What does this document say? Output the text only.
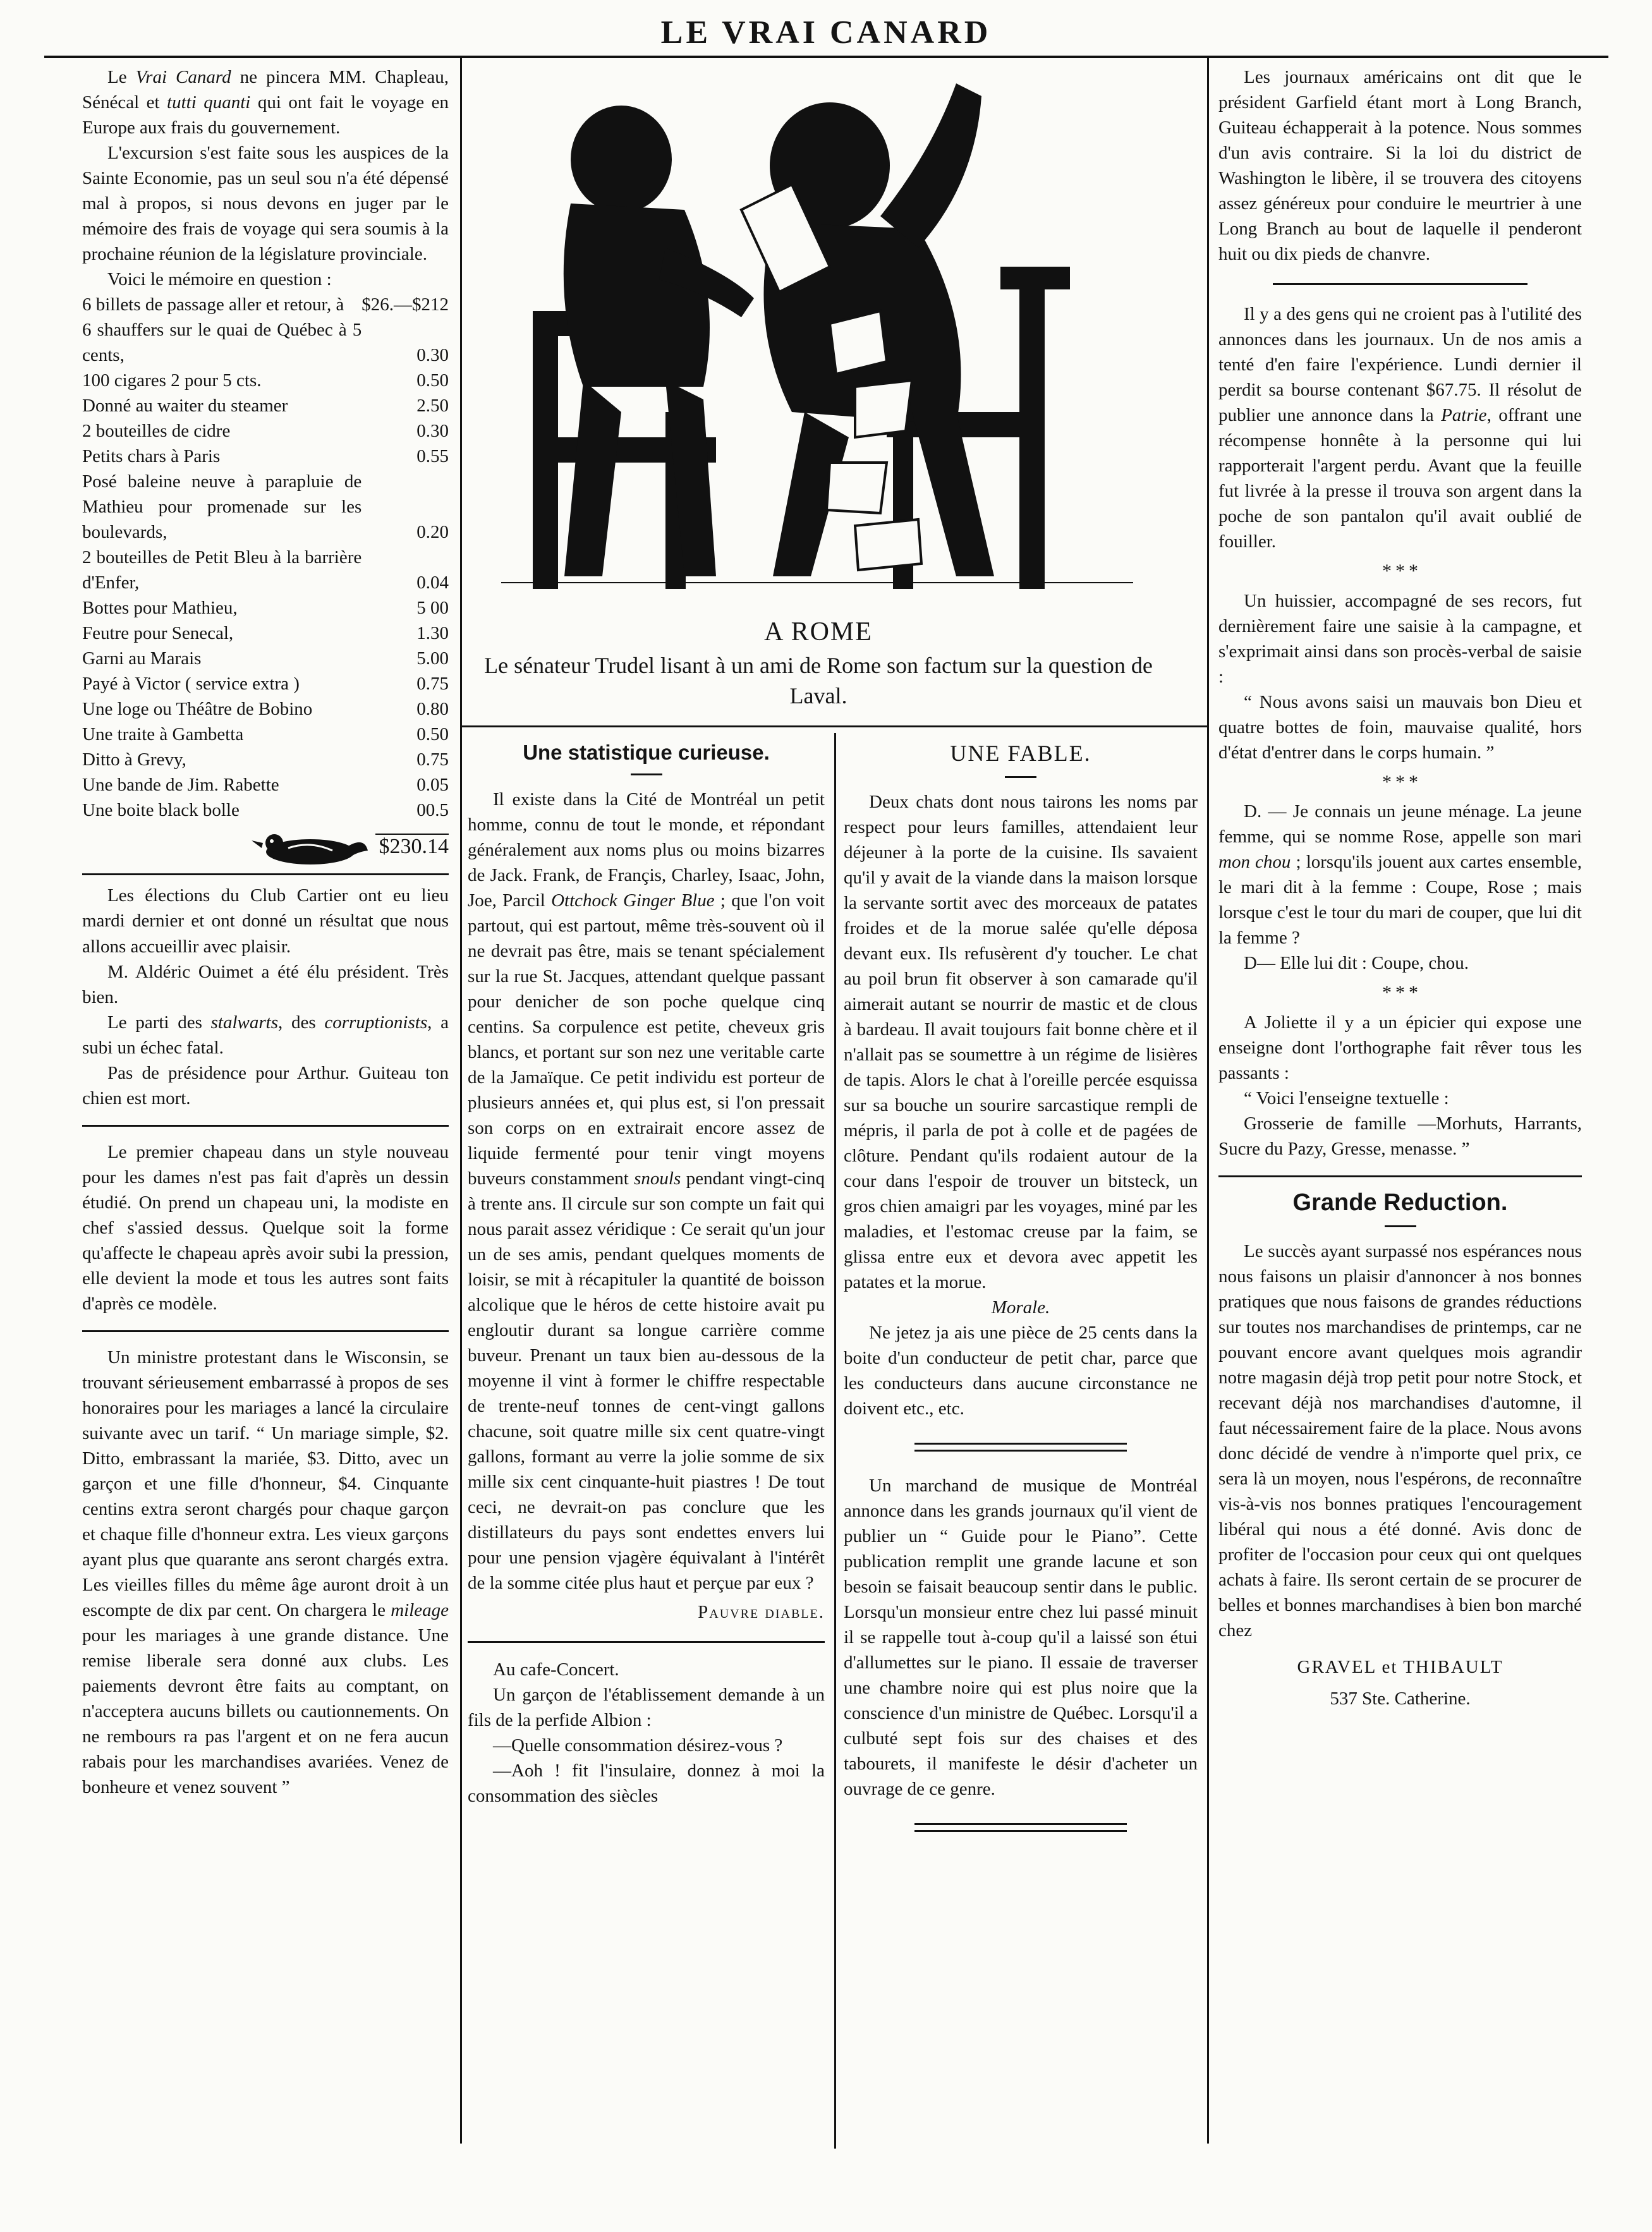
LE VRAI CANARD

Le Vrai Canard ne pincera MM. Chapleau, Sénécal et tutti quanti qui ont fait le voyage en Europe aux frais du gouvernement.

L'excursion s'est faite sous les auspices de la Sainte Economie, pas un seul sou n'a été dépensé mal à propos, si nous devons en juger par le mémoire des frais de voyage qui sera soumis à la prochaine réunion de la législature provinciale.

Voici le mémoire en question :

6 billets de passage aller et retour, à	$26.—$212
6 shauffers sur le quai de Québec à 5 cents,	0.30
100 cigares 2 pour 5 cts.	0.50
Donné au waiter du steamer	2.50
2 bouteilles de cidre	0.30
Petits chars à Paris	0.55
Posé baleine neuve à parapluie de Mathieu pour promenade sur les boulevards,	0.20
2 bouteilles de Petit Bleu à la barrière d'Enfer,	0.04
Bottes pour Mathieu,	5 00
Feutre pour Senecal,	1.30
Garni au Marais	5.00
Payé à Victor ( service extra )	0.75
Une loge ou Théâtre de Bobino	0.80
Une traite à Gambetta	0.50
Ditto à Grevy,	0.75
Une bande de Jim. Rabette	0.05
Une boite black bolle	00.5
$230.14

Les élections du Club Cartier ont eu lieu mardi dernier et ont donné un résultat que nous allons accueillir avec plaisir.

M. Aldéric Ouimet a été élu président. Très bien.

Le parti des stalwarts, des corruptionists, a subi un échec fatal.

Pas de présidence pour Arthur. Guiteau ton chien est mort.

Le premier chapeau dans un style nouveau pour les dames n'est pas fait d'après un dessin étudié. On prend un chapeau uni, la modiste en chef s'assied dessus. Quelque soit la forme qu'affecte le chapeau après avoir subi la pression, elle devient la mode et tous les autres sont faits d'après ce modèle.

Un ministre protestant dans le Wisconsin, se trouvant sérieusement embarrassé à propos de ses honoraires pour les mariages a lancé la circulaire suivante avec un tarif. “ Un mariage simple, $2. Ditto, embrassant la mariée, $3. Ditto, avec un garçon et une fille d'honneur, $4. Cinquante centins extra seront chargés pour chaque garçon et chaque fille d'honneur extra. Les vieux garçons ayant plus que quarante ans seront chargés extra. Les vieilles filles du même âge auront droit à un escompte de dix par cent. On chargera le mileage pour les mariages à une grande distance. Une remise liberale sera donné aux clubs. Les paiements devront être faits au comptant, on n'acceptera aucuns billets ou cautionnements. On ne rembours ra pas l'argent et on ne fera aucun rabais pour les marchandises avariées. Venez de bonheure et venez souvent ”

A ROME
Le sénateur Trudel lisant à un ami de Rome son factum sur la question de Laval.
Une statistique curieuse.

Il existe dans la Cité de Montréal un petit homme, connu de tout le monde, et répondant généralement aux noms plus ou moins bizarres de Jack. Frank, de Françis, Charley, Isaac, John, Joe, Parcil Ottchock Ginger Blue ; que l'on voit partout, qui est partout, même très-souvent où il ne devrait pas être, mais se tenant spécialement sur la rue St. Jacques, attendant quelque passant pour denicher de son poche quelque cinq centins. Sa corpulence est petite, cheveux gris blancs, et portant sur son nez une veritable carte de la Jamaïque. Ce petit individu est porteur de plusieurs années et, qui plus est, si l'on pressait son corps on en extrairait encore assez de liquide fermenté pour tenir vingt moyens buveurs constamment snouls pendant vingt-cinq à trente ans. Il circule sur son compte un fait qui nous parait assez véridique : Ce serait qu'un jour un de ses amis, pendant quelques moments de loisir, se mit à récapituler la quantité de boisson alcolique que le héros de cette histoire avait pu engloutir durant sa longue carrière comme buveur. Prenant un taux bien au-dessous de la moyenne il vint à former le chiffre respectable de trente-neuf tonnes de cent-vingt gallons chacune, soit quatre mille six cent quatre-vingt gallons, formant au verre la jolie somme de six mille six cent cinquante-huit piastres ! De tout ceci, ne devrait-on pas conclure que les distillateurs du pays sont endettes envers lui pour une pension vjagère équivalant à l'intérêt de la somme citée plus haut et perçue par eux ?

Pauvre diable.

Au cafe-Concert.

Un garçon de l'établissement demande à un fils de la perfide Albion :

—Quelle consommation désirez-vous ?

—Aoh ! fit l'insulaire, donnez à moi la consommation des siècles

UNE FABLE.

Deux chats dont nous tairons les noms par respect pour leurs familles, attendaient leur déjeuner à la porte de la cuisine. Ils savaient qu'il y avait de la viande dans la maison lorsque la servante sortit avec des morceaux de patates froides et de la morue salée qu'elle déposa devant eux. Ils refusèrent d'y toucher. Le chat au poil brun fit observer à son camarade qu'il aimerait autant se nourrir de mastic et de clous à bardeau. Il avait toujours fait bonne chère et il n'allait pas se soumettre à un régime de lisières de tapis. Alors le chat à l'oreille percée esquissa sur sa bouche un sourire sarcastique rempli de mépris, il parla de pot à colle et de pagées de clôture. Pendant qu'ils rodaient autour de la cour dans l'espoir de trouver un bitsteck, un gros chien amaigri par les voyages, miné par les maladies, et l'estomac creuse par la faim, se glissa entre eux et devora avec appetit les patates et la morue.

Morale.

Ne jetez ja ais une pièce de 25 cents dans la boite d'un conducteur de petit char, parce que les conducteurs dans aucune circonstance ne doivent etc., etc.

Un marchand de musique de Montréal annonce dans les grands journaux qu'il vient de publier un “ Guide pour le Piano”. Cette publication remplit une grande lacune et son besoin se faisait beaucoup sentir dans le public. Lorsqu'un monsieur entre chez lui passé minuit il se rappelle tout à-coup qu'il a laissé son étui d'allumettes sur le piano. Il essaie de traverser une chambre noire qui est plus noire que la conscience d'un ministre de Québec. Lorsqu'il a culbuté sept fois sur des chaises et des tabourets, il manifeste le désir d'acheter un ouvrage de ce genre.

Les journaux américains ont dit que le président Garfield étant mort à Long Branch, Guiteau échapperait à la potence. Nous sommes d'un avis contraire. Si la loi du district de Washington le libère, il se trouvera des citoyens assez généreux pour conduire le meurtrier à une Long Branch au bout de laquelle il penderont huit ou dix pieds de chanvre.

Il y a des gens qui ne croient pas à l'utilité des annonces dans les journaux. Un de nos amis a tenté d'en faire l'expérience. Lundi dernier il perdit sa bourse contenant $67.75. Il résolut de publier une annonce dans la Patrie, offrant une récompense honnête à la personne qui lui rapporterait l'argent perdu. Avant que la feuille fut livrée à la presse il trouva son argent dans la poche de son pantalon qu'il avait oublié de fouiller.

* * *

Un huissier, accompagné de ses recors, fut dernièrement faire une saisie à la campagne, et s'exprimait ainsi dans son procès-verbal de saisie :

“ Nous avons saisi un mauvais bon Dieu et quatre bottes de foin, mauvaise qualité, hors d'état d'entrer dans le corps humain. ”

* * *

D. — Je connais un jeune ménage. La jeune femme, qui se nomme Rose, appelle son mari mon chou ; lorsqu'ils jouent aux cartes ensemble, le mari dit à la femme : Coupe, Rose ; mais lorsque c'est le tour du mari de couper, que lui dit la femme ?

D— Elle lui dit : Coupe, chou.

* * *

A Joliette il y a un épicier qui expose une enseigne dont l'orthographe fait rêver tous les passants :

“ Voici l'enseigne textuelle :

Grosserie de famille —Morhuts, Harrants, Sucre du Pazy, Gresse, menasse. ”

Grande Reduction.

Le succès ayant surpassé nos espérances nous nous faisons un plaisir d'annoncer à nos bonnes pratiques que nous faisons de grandes réductions sur toutes nos marchandises de printemps, car ne pouvant encore avant quelques mois agrandir notre magasin déjà trop petit pour notre Stock, et recevant déjà nos marchandises d'automne, il faut nécessairement faire de la place. Nous avons donc décidé de vendre à n'importe quel prix, ce sera là un moyen, nous l'espérons, de reconnaître vis-à-vis nos bonnes pratiques l'encouragement libéral qui nous a été donné. Avis donc de profiter de l'occasion pour ceux qui ont quelques achats à faire. Ils seront certain de se procurer de belles et bonnes marchandises à bien bon marché chez

GRAVEL et THIBAULT

537 Ste. Catherine.
